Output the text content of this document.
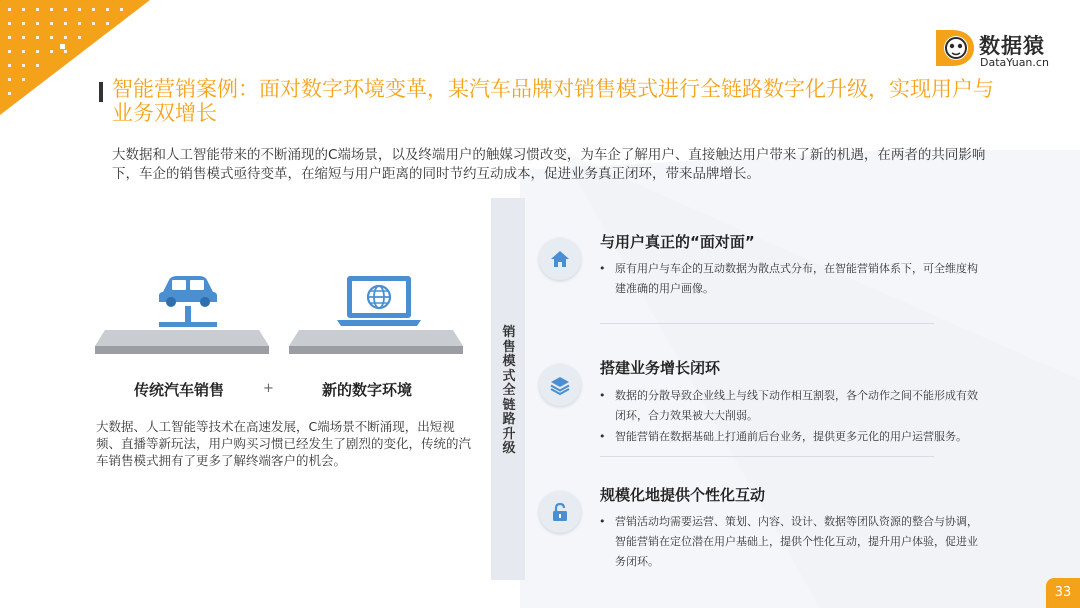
数据猿
DataYuan.cn
智能营销案例：面对数字环境变革，某汽车品牌对销售模式进行全链路数字化升级，实现用户与业务双增长
大数据和人工智能带来的不断涌现的C端场景，以及终端用户的触媒习惯改变，为车企了解用户、直接触达用户带来了新的机遇，在两者的共同影响下，车企的销售模式亟待变革，在缩短与用户距离的同时节约互动成本，促进业务真正闭环，带来品牌增长。
传统汽车销售	+	新的数字环境
大数据、人工智能等技术在高速发展，C端场景不断涌现，出短视频、直播等新玩法，用户购买习惯已经发生了剧烈的变化，传统的汽车销售模式拥有了更多了解终端客户的机会。
销售模式全链路升级
与用户真正的“面对面”
• 原有用户与车企的互动数据为散点式分布，在智能营销体系下，可全维度构建准确的用户画像。
搭建业务增长闭环
• 数据的分散导致企业线上与线下动作相互割裂，各个动作之间不能形成有效闭环，合力效果被大大削弱。
• 智能营销在数据基础上打通前后台业务，提供更多元化的用户运营服务。
规模化地提供个性化互动
• 营销活动均需要运营、策划、内容、设计、数据等团队资源的整合与协调，智能营销在定位潜在用户基础上，提供个性化互动，提升用户体验，促进业务闭环。
33
